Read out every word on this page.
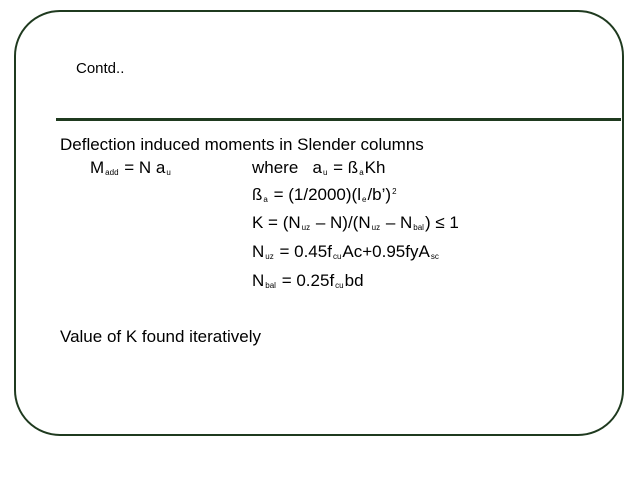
Contd..
Deflection induced moments in Slender columns
$M_{add} = N$ $a_u$	where $a_u$ = $ß_aKh$
$ß_a$ = $(1/2000)(l_e/b’)^2$
$K = (N_{uz} - N)/(N_{uz} - N_{bal}) \le 1$
$N_{uz} = 0.45f_{cu}Ac+0.95fyA_{sc}$
$N_{bal} = 0.25f_{cu}bd$
Value of K found iteratively
